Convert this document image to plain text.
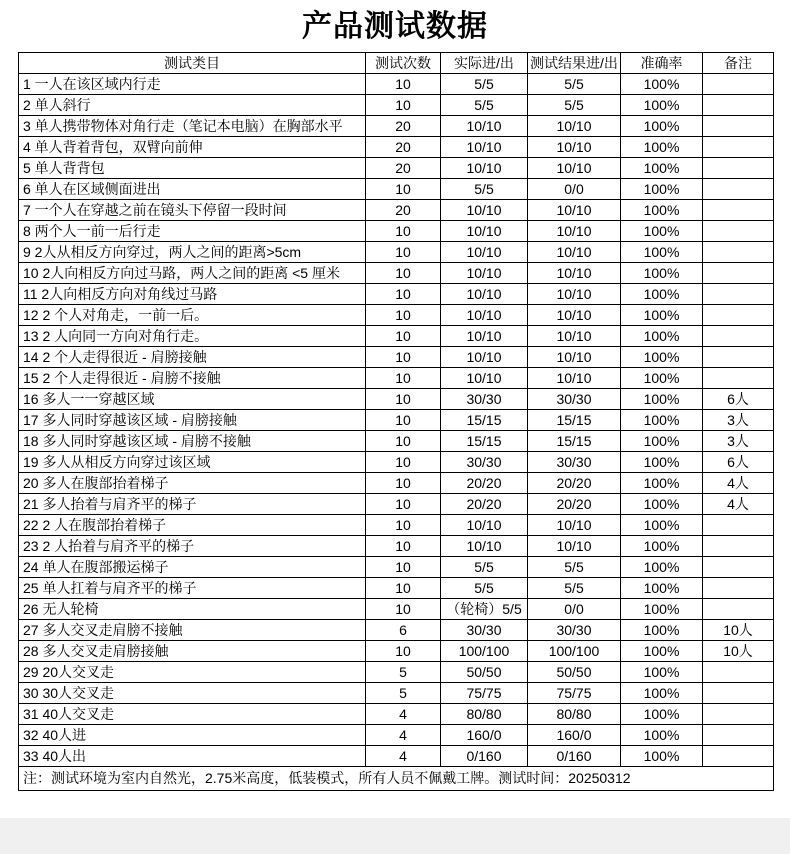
产品测试数据
测试类目	测试次数	实际进/出	测试结果进/出	准确率	备注
1 一人在该区域内行走	10	5/5	5/5	100%	
2 单人斜行	10	5/5	5/5	100%	
3 单人携带物体对角行走（笔记本电脑）在胸部水平	20	10/10	10/10	100%	
4 单人背着背包，双臂向前伸	20	10/10	10/10	100%	
5 单人背背包	20	10/10	10/10	100%	
6 单人在区域侧面进出	10	5/5	0/0	100%	
7 一个人在穿越之前在镜头下停留一段时间	20	10/10	10/10	100%	
8 两个人一前一后行走	10	10/10	10/10	100%	
9 2人从相反方向穿过，两人之间的距离>5cm	10	10/10	10/10	100%	
10 2人向相反方向过马路，两人之间的距离 <5 厘米	10	10/10	10/10	100%	
11 2人向相反方向对角线过马路	10	10/10	10/10	100%	
12 2 个人对角走，一前一后。	10	10/10	10/10	100%	
13 2 人向同一方向对角行走。	10	10/10	10/10	100%	
14 2 个人走得很近 - 肩膀接触	10	10/10	10/10	100%	
15 2 个人走得很近 - 肩膀不接触	10	10/10	10/10	100%	
16 多人一一穿越区域	10	30/30	30/30	100%	6人
17 多人同时穿越该区域 - 肩膀接触	10	15/15	15/15	100%	3人
18 多人同时穿越该区域 - 肩膀不接触	10	15/15	15/15	100%	3人
19 多人从相反方向穿过该区域	10	30/30	30/30	100%	6人
20 多人在腹部抬着梯子	10	20/20	20/20	100%	4人
21 多人抬着与肩齐平的梯子	10	20/20	20/20	100%	4人
22 2 人在腹部抬着梯子	10	10/10	10/10	100%	
23 2 人抬着与肩齐平的梯子	10	10/10	10/10	100%	
24 单人在腹部搬运梯子	10	5/5	5/5	100%	
25 单人扛着与肩齐平的梯子	10	5/5	5/5	100%	
26 无人轮椅	10	（轮椅）5/5	0/0	100%	
27 多人交叉走肩膀不接触	6	30/30	30/30	100%	10人
28 多人交叉走肩膀接触	10	100/100	100/100	100%	10人
29 20人交叉走	5	50/50	50/50	100%	
30 30人交叉走	5	75/75	75/75	100%	
31 40人交叉走	4	80/80	80/80	100%	
32 40人进	4	160/0	160/0	100%	
33 40人出	4	0/160	0/160	100%	
注：测试环境为室内自然光，2.75米高度，低装模式，所有人员不佩戴工牌。测试时间：20250312					
